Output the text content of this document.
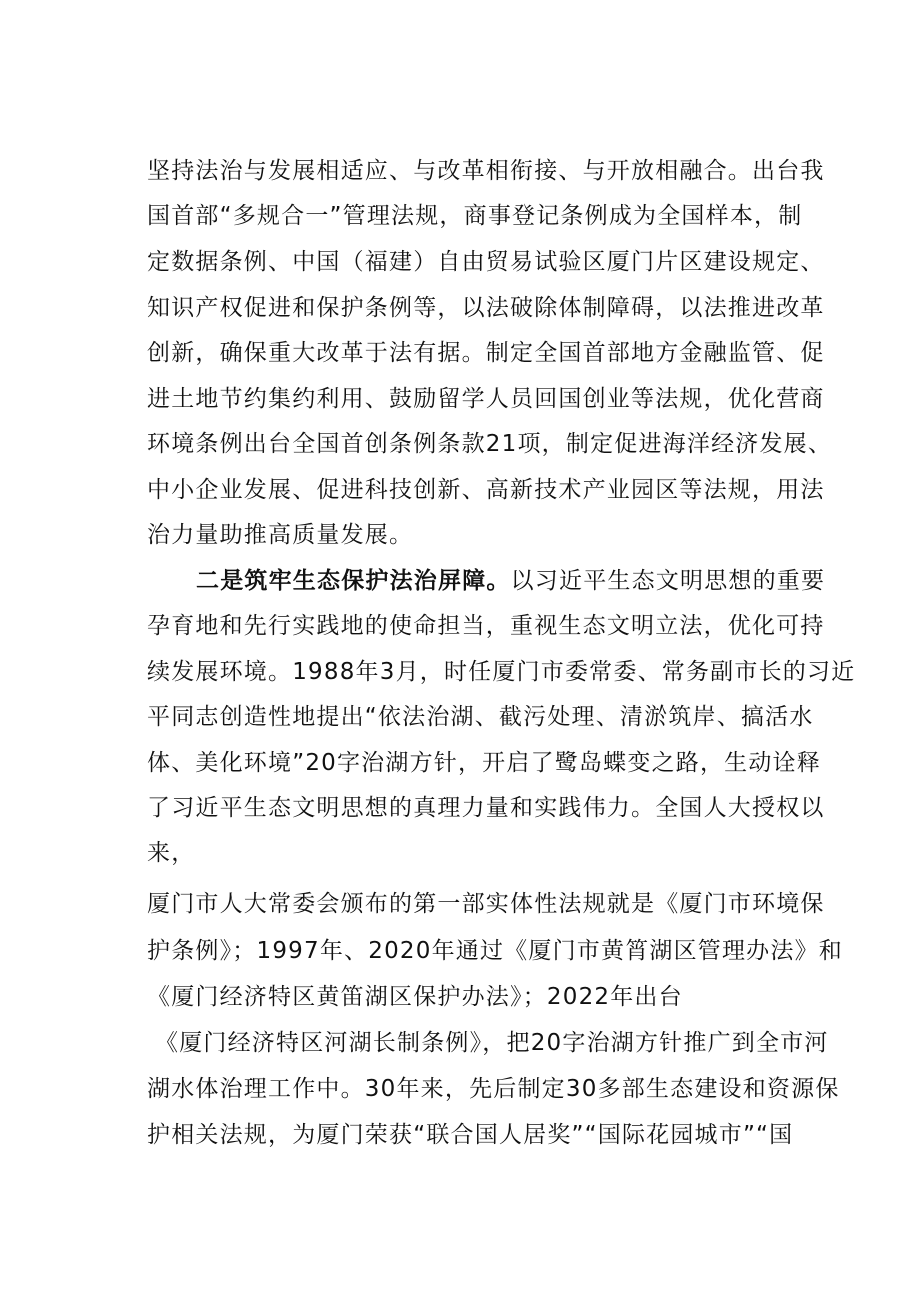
坚持法治与发展相适应、与改革相衔接、与开放相融合。出台我
国首部“多规合一”管理法规，商事登记条例成为全国样本，制
定数据条例、中国（福建）自由贸易试验区厦门片区建设规定、
知识产权促进和保护条例等，以法破除体制障碍，以法推进改革
创新，确保重大改革于法有据。制定全国首部地方金融监管、促
进土地节约集约利用、鼓励留学人员回国创业等法规，优化营商
环境条例出台全国首创条例条款21项，制定促进海洋经济发展、
中小企业发展、促进科技创新、高新技术产业园区等法规，用法
治力量助推高质量发展。
二是筑牢生态保护法治屏障。以习近平生态文明思想的重要
孕育地和先行实践地的使命担当，重视生态文明立法，优化可持
续发展环境。1988年3月，时任厦门市委常委、常务副市长的习近
平同志创造性地提出“依法治湖、截污处理、清淤筑岸、搞活水
体、美化环境”20字治湖方针，开启了鹭岛蝶变之路，生动诠释
了习近平生态文明思想的真理力量和实践伟力。全国人大授权以
来，
厦门市人大常委会颁布的第一部实体性法规就是《厦门市环境保
护条例》；1997年、2020年通过《厦门市黄筲湖区管理办法》和
《厦门经济特区黄笛湖区保护办法》；2022年出台
《厦门经济特区河湖长制条例》，把20字治湖方针推广到全市河
湖水体治理工作中。30年来，先后制定30多部生态建设和资源保
护相关法规，为厦门荣获“联合国人居奖”“国际花园城市”“国
